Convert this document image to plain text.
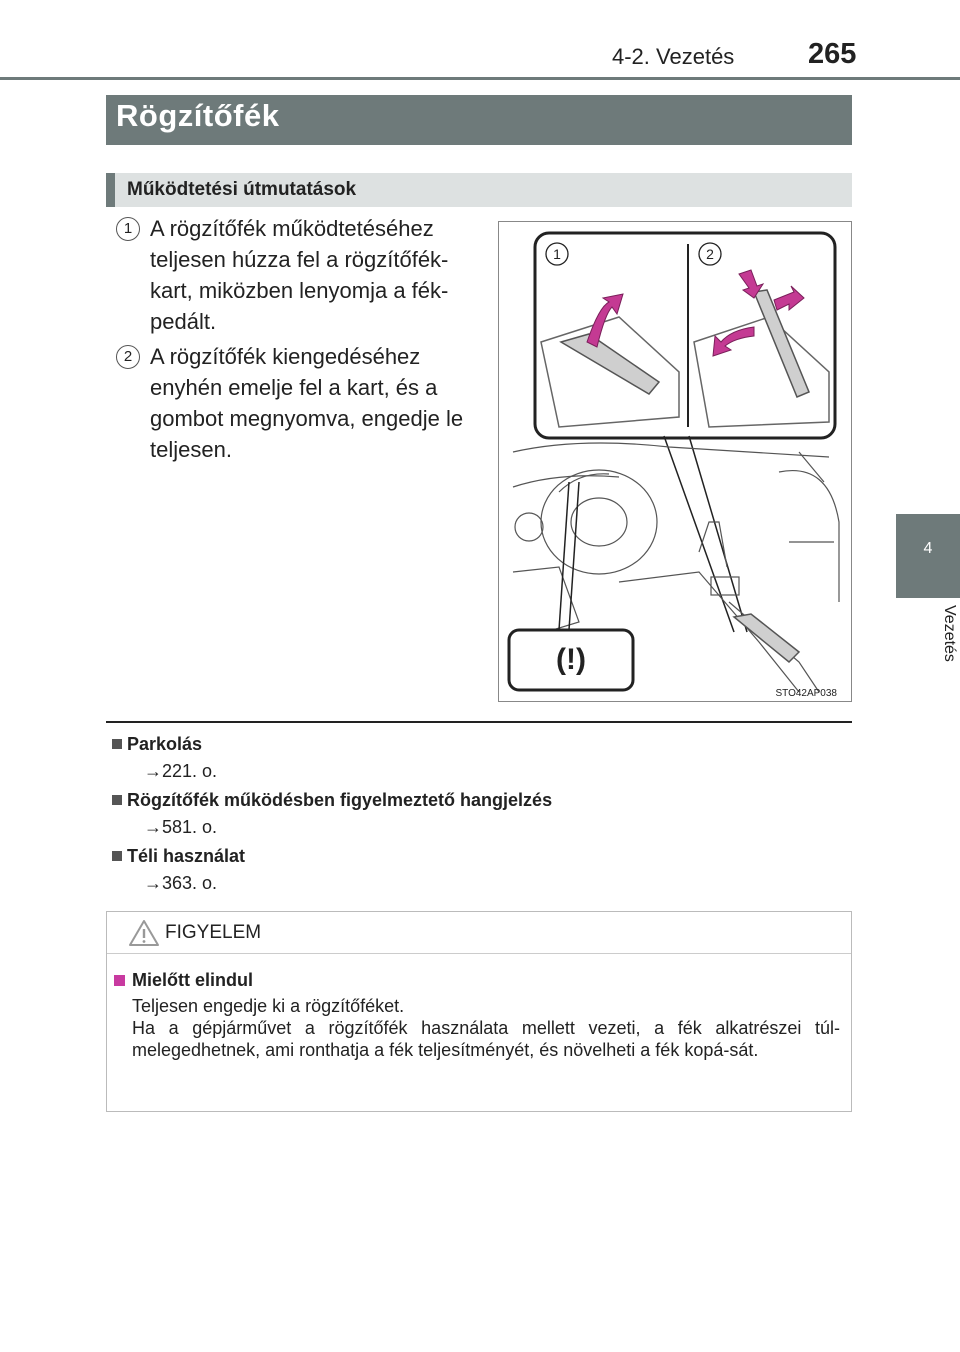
4-2. Vezetés	265
4
Vezetés
Rögzítőfék
Működtetési útmutatások
1 A rögzítőfék működtetéséhez teljesen húzza fel a rögzítőfék-kart, miközben lenyomja a fék-pedált.
2 A rögzítőfék kiengedéséhez enyhén emelje fel a kart, és a gombot megnyomva, engedje le teljesen.
1	2
(!)
STO42AP038
Parkolás
→221. o.
Rögzítőfék működésben figyelmeztető hangjelzés
→581. o.
Téli használat
→363. o.
FIGYELEM
Mielőtt elindul
Teljesen engedje ki a rögzítőféket.
Ha a gépjárművet a rögzítőfék használata mellett vezeti, a fék alkatrészei túl-melegedhetnek, ami ronthatja a fék teljesítményét, és növelheti a fék kopá-sát.
